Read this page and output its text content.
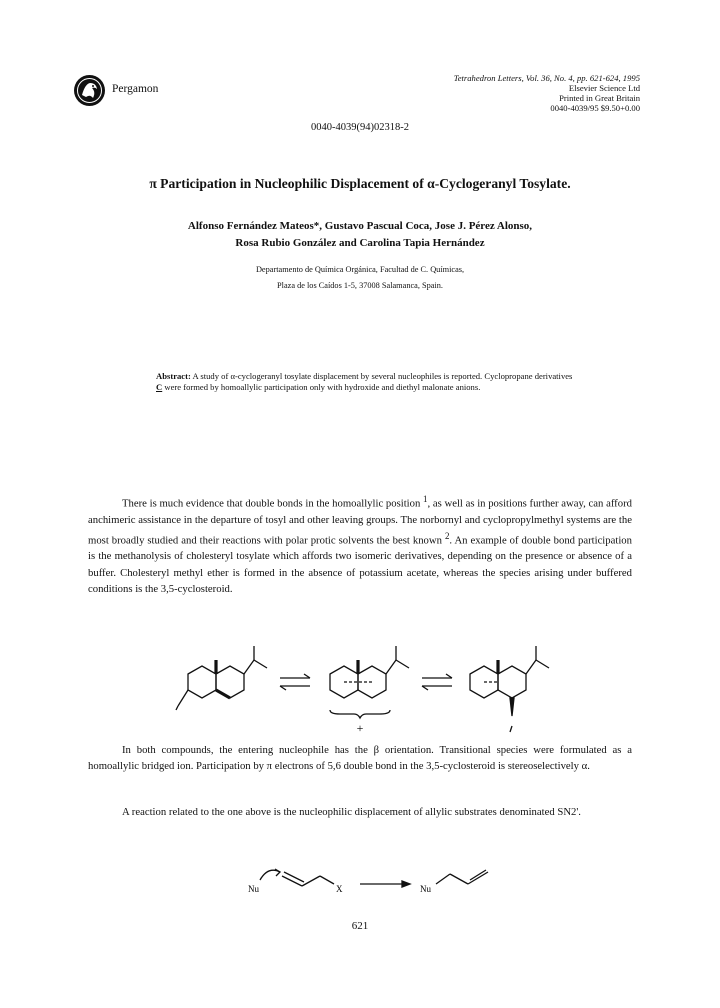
Pergamon
Tetrahedron Letters, Vol. 36, No. 4, pp. 621-624, 1995
Elsevier Science Ltd
Printed in Great Britain
0040-4039/95 $9.50+0.00
0040-4039(94)02318-2
π Participation in Nucleophilic Displacement of α-Cyclogeranyl Tosylate.
Alfonso Fernández Mateos*, Gustavo Pascual Coca, Jose J. Pérez Alonso,
Rosa Rubio González and Carolina Tapia Hernández
Departamento de Química Orgánica, Facultad de C. Químicas,
Plaza de los Caídos 1-5, 37008 Salamanca, Spain.
Abstract: A study of α-cyclogeranyl tosylate displacement by several nucleophiles is reported. Cyclopropane derivatives C were formed by homoallylic participation only with hydroxide and diethyl malonate anions.
There is much evidence that double bonds in the homoallylic position $^1$, as well as in positions further away, can afford anchimeric assistance in the departure of tosyl and other leaving groups. The norbornyl and cyclopropylmethyl systems are the most broadly studied and their reactions with polar protic solvents the best known $^2$. An example of double bond participation is the methanolysis of cholesteryl tosylate which affords two isomeric derivatives, depending on the presence or absence of a buffer. Cholesteryl methyl ether is formed in the absence of potassium acetate, whereas the species arising under buffered conditions is the 3,5-cyclosteroid.
+
In both compounds, the entering nucleophile has the β orientation. Transitional species were formulated as a homoallylic bridged ion. Participation by π electrons of 5,6 double bond in the 3,5-cyclosteroid is stereoselectively α.
A reaction related to the one above is the nucleophilic displacement of allylic substrates denominated SN2'.
Nu	X	Nu
621
